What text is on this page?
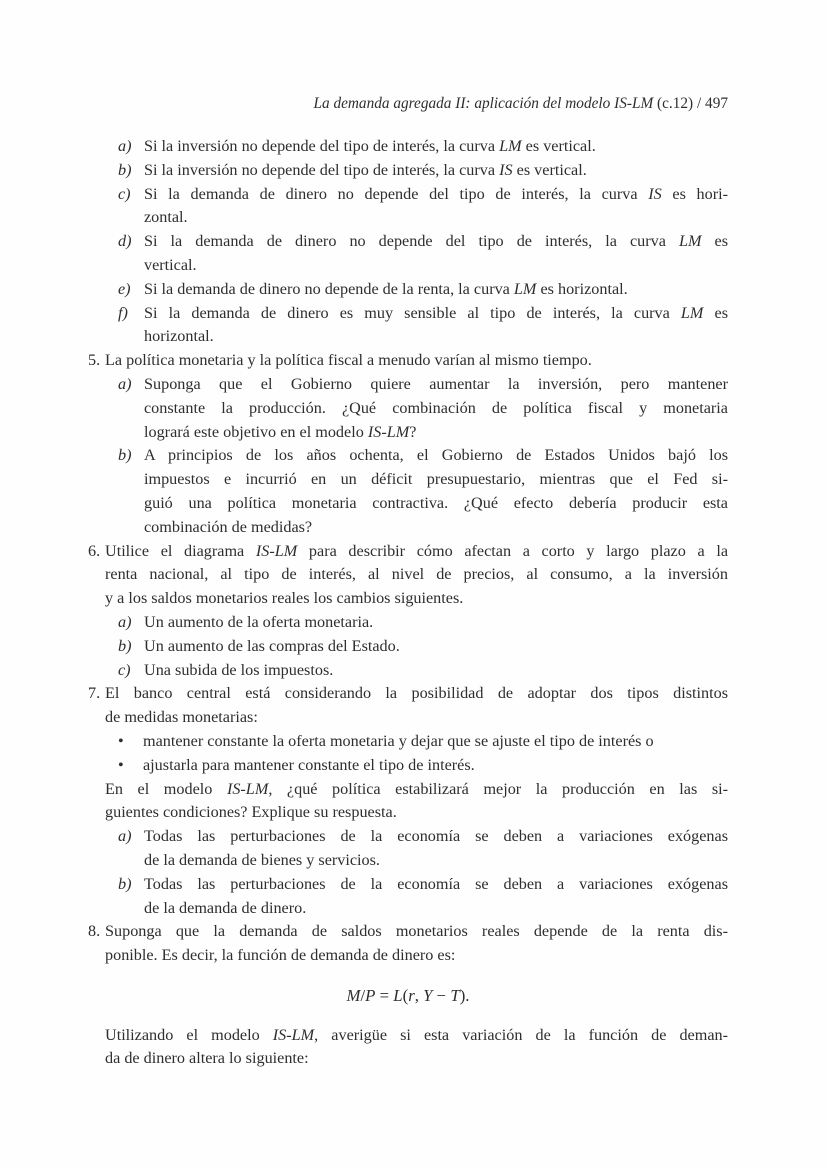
La demanda agregada II: aplicación del modelo IS-LM (c.12) / 497
a) Si la inversión no depende del tipo de interés, la curva LM es vertical.
b) Si la inversión no depende del tipo de interés, la curva IS es vertical.
c) Si la demanda de dinero no depende del tipo de interés, la curva IS es hori-
zontal.
d) Si la demanda de dinero no depende del tipo de interés, la curva LM es
vertical.
e) Si la demanda de dinero no depende de la renta, la curva LM es horizontal.
f) Si la demanda de dinero es muy sensible al tipo de interés, la curva LM es
horizontal.
5. La política monetaria y la política fiscal a menudo varían al mismo tiempo.
a) Suponga que el Gobierno quiere aumentar la inversión, pero mantener
constante la producción. ¿Qué combinación de política fiscal y monetaria
logrará este objetivo en el modelo IS-LM?
b) A principios de los años ochenta, el Gobierno de Estados Unidos bajó los
impuestos e incurrió en un déficit presupuestario, mientras que el Fed si-
guió una política monetaria contractiva. ¿Qué efecto debería producir esta
combinación de medidas?
6. Utilice el diagrama IS-LM para describir cómo afectan a corto y largo plazo a la
renta nacional, al tipo de interés, al nivel de precios, al consumo, a la inversión
y a los saldos monetarios reales los cambios siguientes.
a) Un aumento de la oferta monetaria.
b) Un aumento de las compras del Estado.
c) Una subida de los impuestos.
7. El banco central está considerando la posibilidad de adoptar dos tipos distintos
de medidas monetarias:
•	mantener constante la oferta monetaria y dejar que se ajuste el tipo de interés o
•	ajustarla para mantener constante el tipo de interés.
En el modelo IS-LM, ¿qué política estabilizará mejor la producción en las si-
guientes condiciones? Explique su respuesta.
a) Todas las perturbaciones de la economía se deben a variaciones exógenas
de la demanda de bienes y servicios.
b) Todas las perturbaciones de la economía se deben a variaciones exógenas
de la demanda de dinero.
8. Suponga que la demanda de saldos monetarios reales depende de la renta dis-
ponible. Es decir, la función de demanda de dinero es:
M/P = L(r, Y − T).
Utilizando el modelo IS-LM, averigüe si esta variación de la función de deman-
da de dinero altera lo siguiente:
